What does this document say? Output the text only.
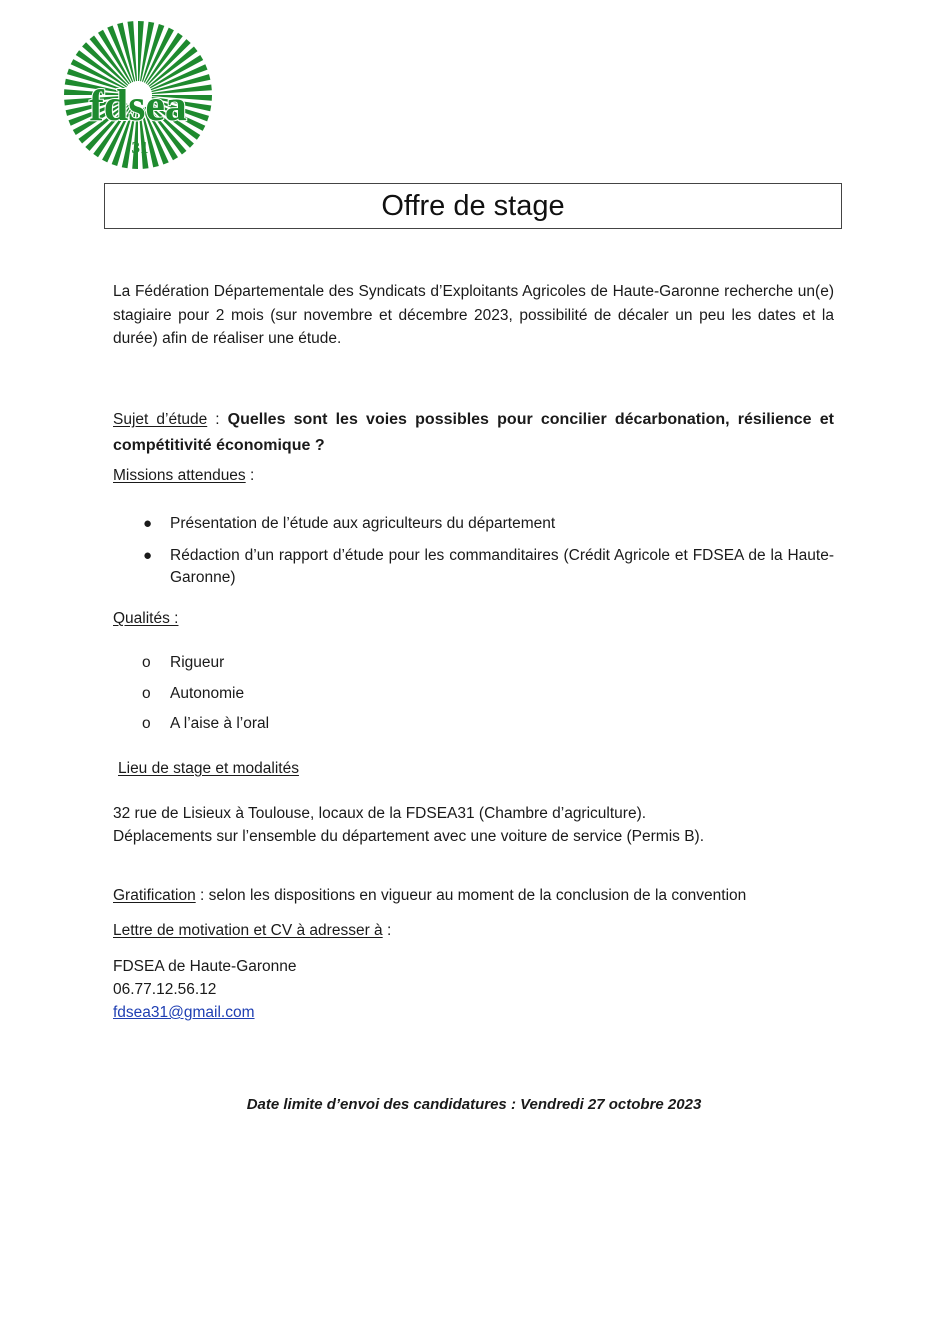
fdsea
31
Offre de stage
La Fédération Départementale des Syndicats d’Exploitants Agricoles de Haute-Garonne recherche un(e) stagiaire pour 2 mois (sur novembre et décembre 2023, possibilité de décaler un peu les dates et la durée) afin de réaliser une étude.
Sujet d’étude : Quelles sont les voies possibles pour concilier décarbonation, résilience et compétitivité économique ?
Missions attendues :
● Présentation de l’étude aux agriculteurs du département
● Rédaction d’un rapport d’étude pour les commanditaires (Crédit Agricole et FDSEA de la Haute-Garonne)
Qualités :
o Rigueur
o Autonomie
o A l’aise à l’oral
Lieu de stage et modalités
32 rue de Lisieux à Toulouse, locaux de la FDSEA31 (Chambre d’agriculture).
Déplacements sur l’ensemble du département avec une voiture de service (Permis B).
Gratification : selon les dispositions en vigueur au moment de la conclusion de la convention
Lettre de motivation et CV à adresser à :
FDSEA de Haute-Garonne
06.77.12.56.12
fdsea31@gmail.com
Date limite d’envoi des candidatures : Vendredi 27 octobre 2023
